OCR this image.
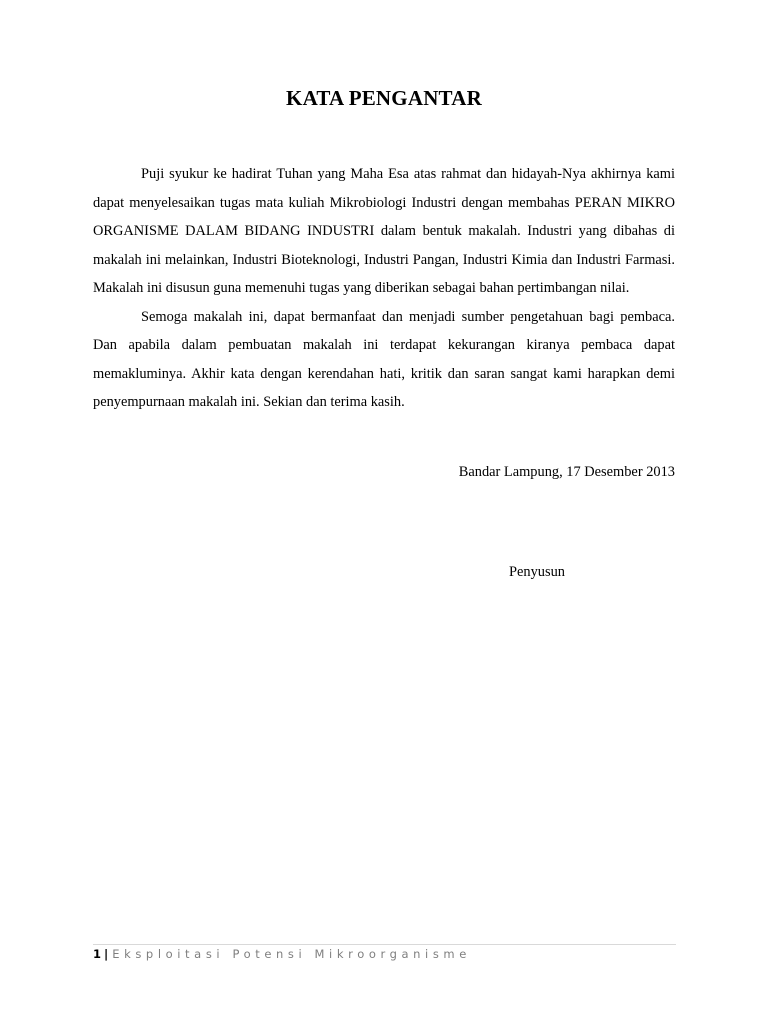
KATA PENGANTAR

Puji syukur ke hadirat Tuhan yang Maha Esa atas rahmat dan hidayah-Nya akhirnya kami dapat menyelesaikan tugas mata kuliah Mikrobiologi Industri dengan membahas PERAN MIKRO ORGANISME DALAM BIDANG INDUSTRI dalam bentuk makalah. Industri yang dibahas di makalah ini melainkan, Industri Bioteknologi, Industri Pangan, Industri Kimia dan Industri Farmasi. Makalah ini disusun guna memenuhi tugas yang diberikan sebagai bahan pertimbangan nilai.

Semoga makalah ini, dapat bermanfaat dan menjadi sumber pengetahuan bagi pembaca. Dan apabila dalam pembuatan makalah ini terdapat kekurangan kiranya pembaca dapat memakluminya. Akhir kata dengan kerendahan hati, kritik dan saran sangat kami harapkan demi penyempurnaan makalah ini. Sekian dan terima kasih.

Bandar Lampung, 17 Desember 2013
Penyusun
1 | Eksploitasi Potensi Mikroorganisme
